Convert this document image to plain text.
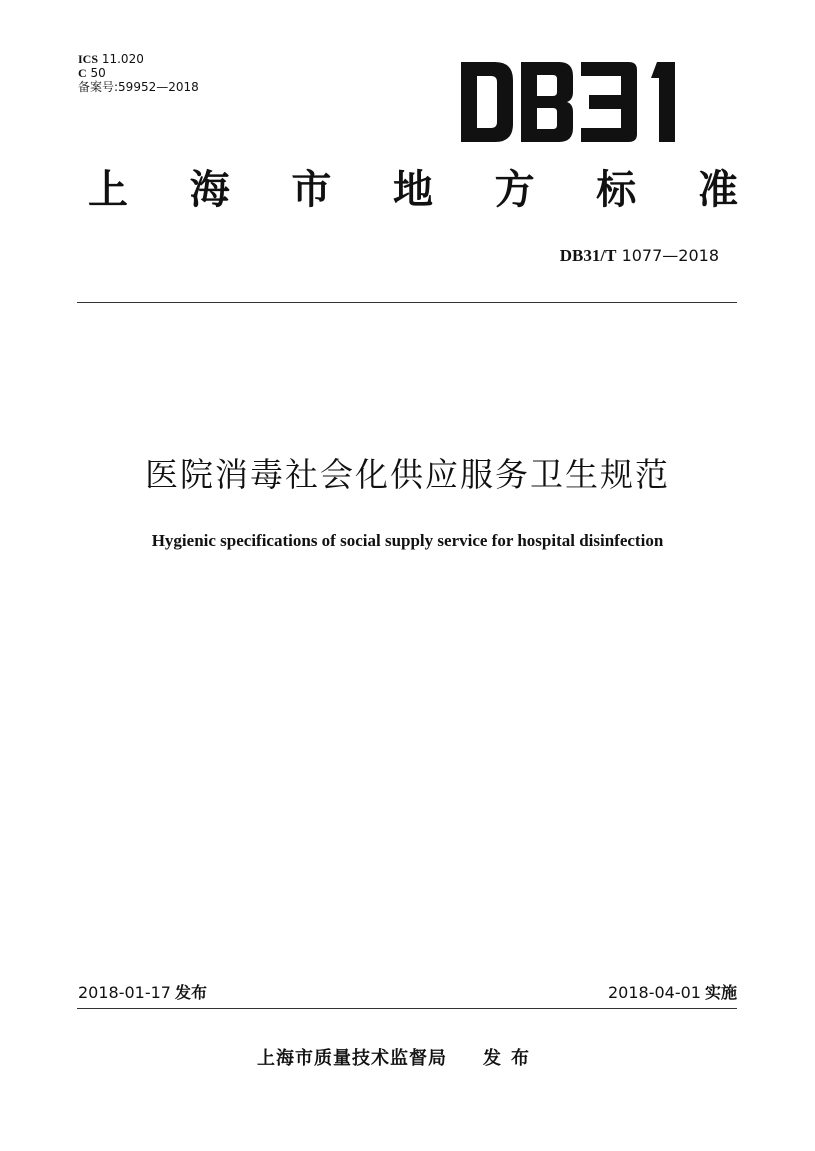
ICS 11.020
C 50
备案号:59952—2018
上 海 市 地 方 标 准
DB31/T 1077—2018
医院消毒社会化供应服务卫生规范
Hygienic specifications of social supply service for hospital disinfection
2018-01-17 发布	2018-04-01 实施
上海市质量技术监督局 发布
